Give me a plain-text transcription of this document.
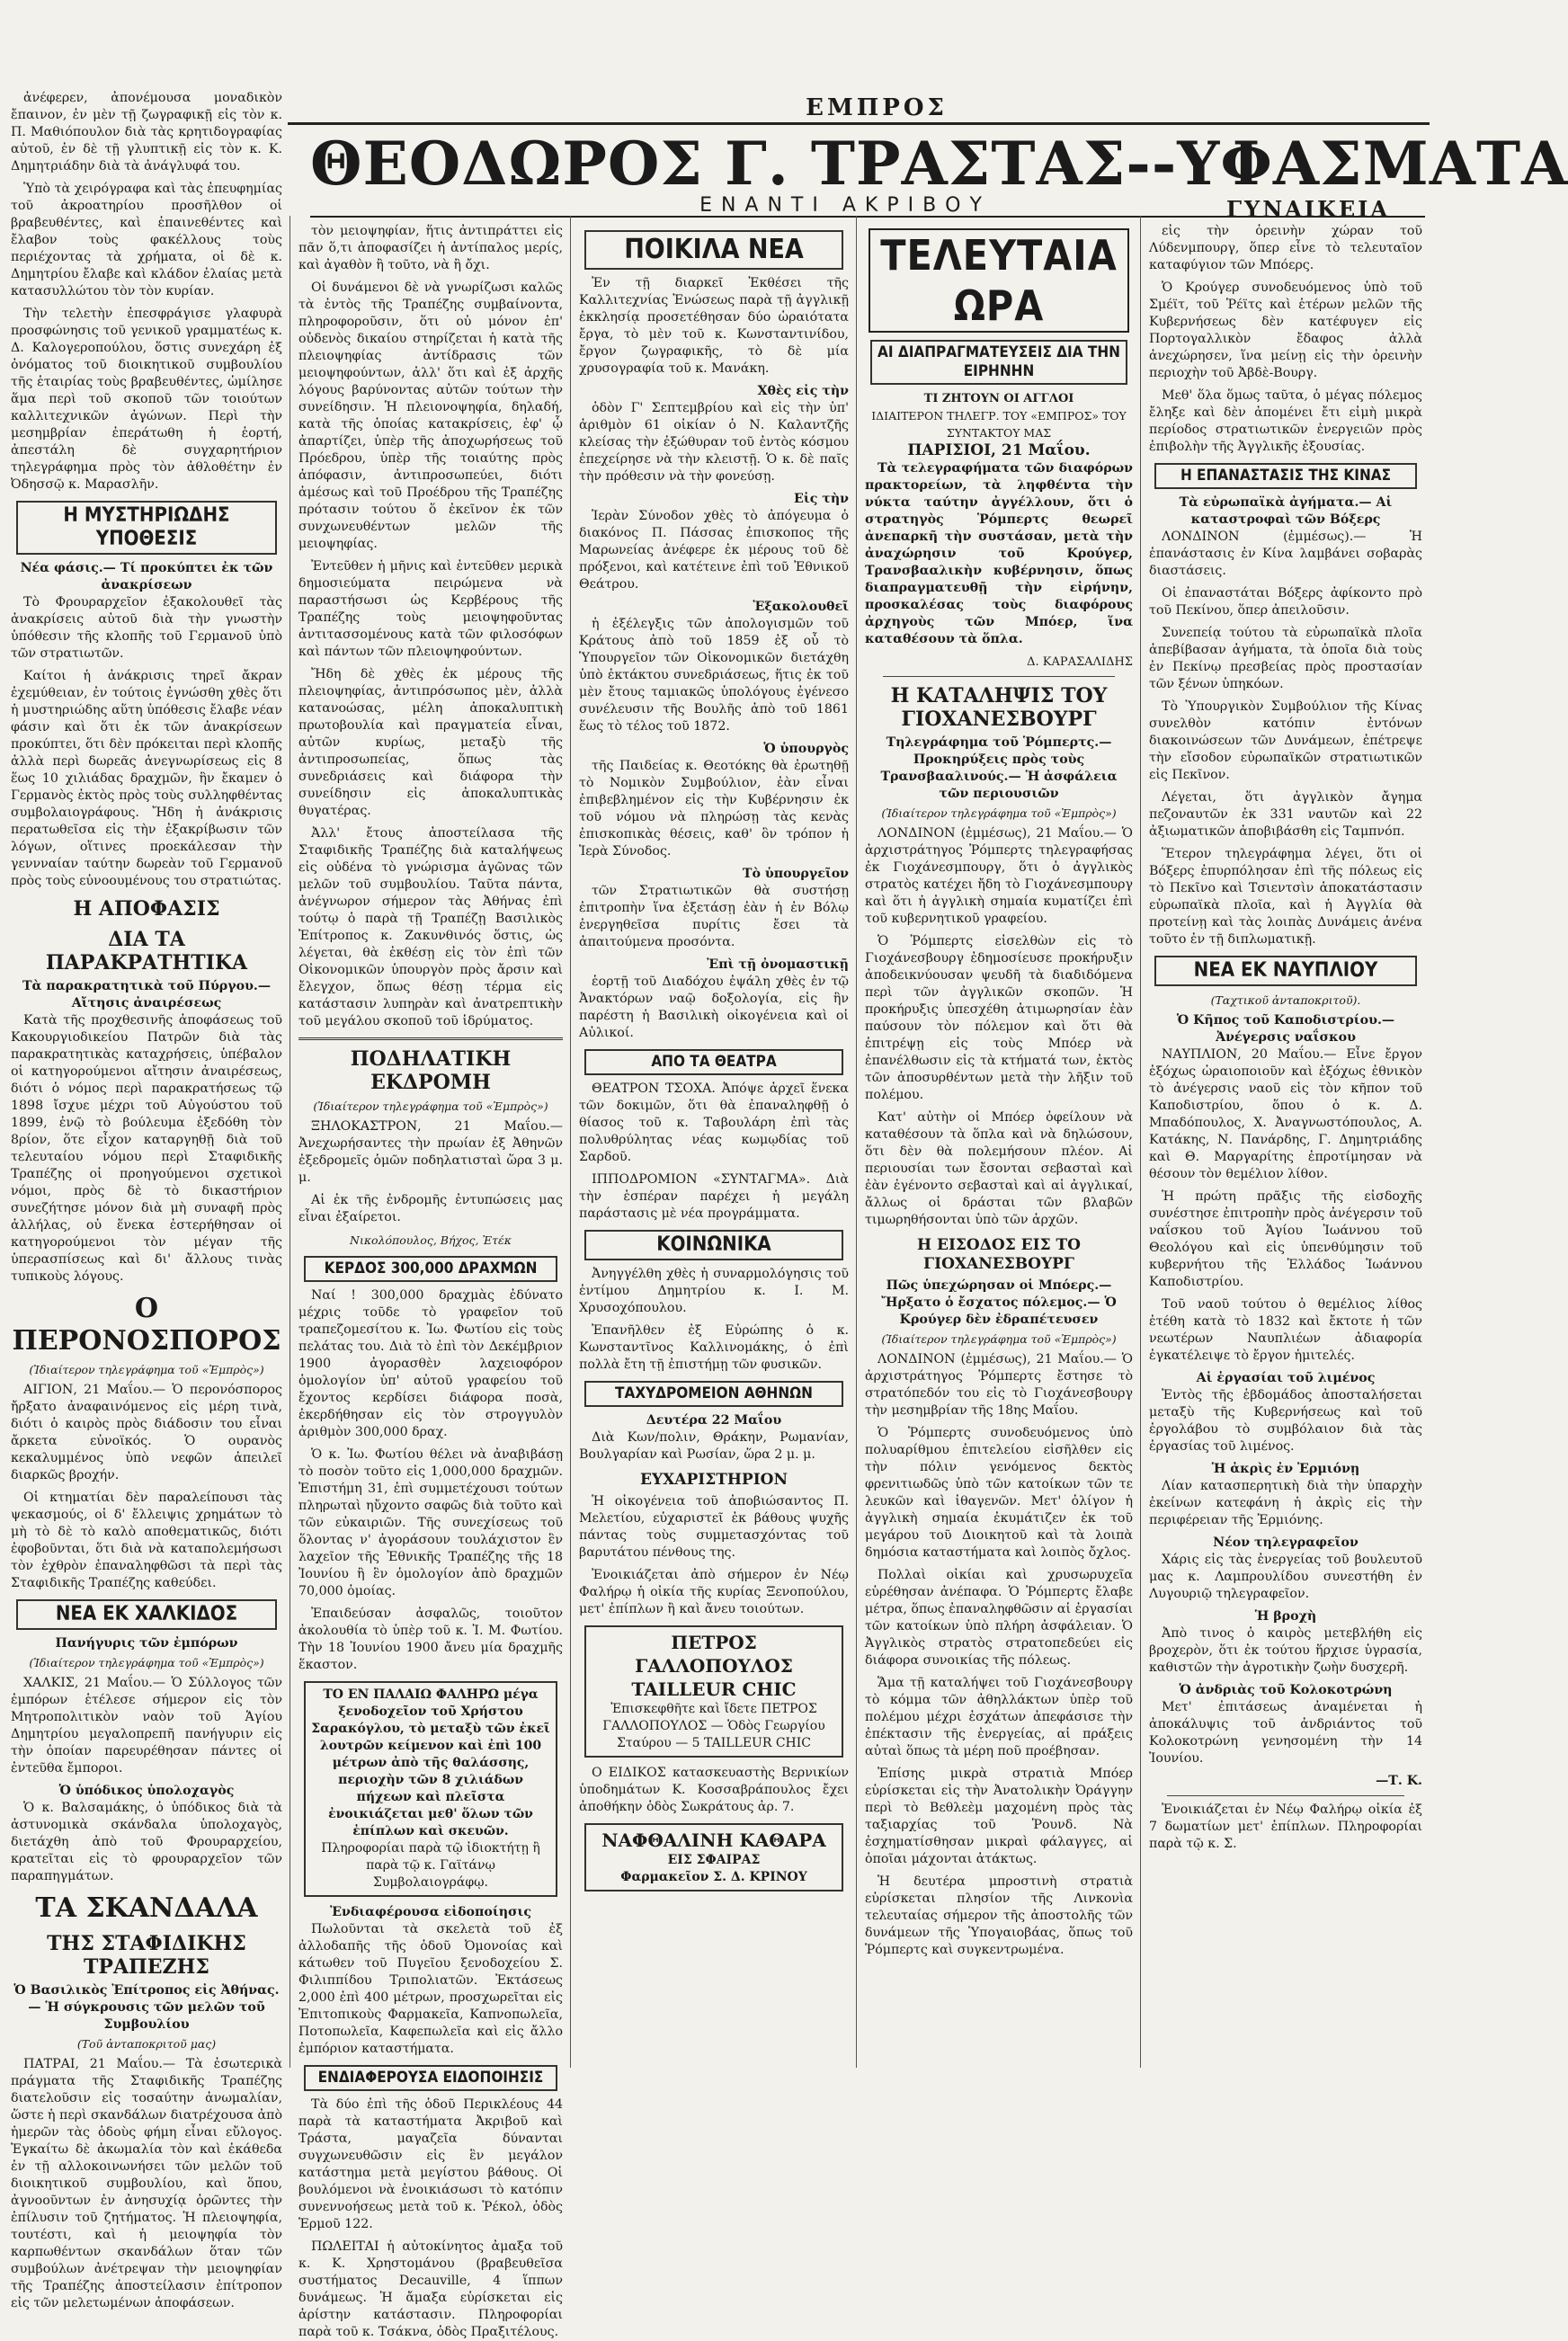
ΕΜΠΡΟΣ
ΘΕΟΔΩΡΟΣ Γ. ΤΡΑΣΤΑΣ--ΥΦΑΣΜΑΤΑ
ΕΝΑΝΤΙ ΑΚΡΙΒΟΥ	ΓΥΝΑΙΚΕΙΑ

ἀνέφερεν, ἀπονέμουσα μοναδικὸν ἔπαινον, ἐν μὲν τῇ ζωγραφικῇ εἰς τὸν κ. Π. Μαθιόπουλον διὰ τὰς κρητιδογραφίας αὐτοῦ, ἐν δὲ τῇ γλυπτικῇ εἰς τὸν κ. Κ. Δημητριάδην διὰ τὰ ἀνάγλυφά του.

Ὑπὸ τὰ χειρόγραφα καὶ τὰς ἐπευφημίας τοῦ ἀκροατηρίου προσῆλθον οἱ βραβευθέντες, καὶ ἐπαινεθέντες καὶ ἔλαβον τοὺς φακέλλους τοὺς περιέχοντας τὰ χρήματα, οἱ δὲ κ. Δημητρίου ἔλαβε καὶ κλάδον ἐλαίας μετὰ κατασυλλώτου τὸν τὸν κυρίαν.

Τὴν τελετὴν ἐπεσφράγισε γλαφυρὰ προσφώνησις τοῦ γενικοῦ γραμματέως κ. Δ. Καλογεροπούλου, ὅστις συνεχάρη ἐξ ὀνόματος τοῦ διοικητικοῦ συμβουλίου τῆς ἑταιρίας τοὺς βραβευθέντες, ὡμίλησε ἅμα περὶ τοῦ σκοποῦ τῶν τοιούτων καλλιτεχνικῶν ἀγώνων. Περὶ τὴν μεσημβρίαν ἐπεράτωθη ἡ ἑορτή, ἀπεστάλη δὲ συγχαρητήριον τηλεγράφημα πρὸς τὸν ἀθλοθέτην ἐν Ὀδησσῷ κ. Μαρασλῆν.

Η ΜΥΣΤΗΡΙΩΔΗΣ ΥΠΟΘΕΣΙΣ
Νέα φάσις.— Τί προκύπτει ἐκ τῶν ἀνακρίσεων

Τὸ Φρουραρχεῖον ἐξακολουθεῖ τὰς ἀνακρίσεις αὐτοῦ διὰ τὴν γνωστὴν ὑπόθεσιν τῆς κλοπῆς τοῦ Γερμανοῦ ὑπὸ τῶν στρατιωτῶν.

Καίτοι ἡ ἀνάκρισις τηρεῖ ἄκραν ἐχεμύθειαν, ἐν τούτοις ἐγνώσθη χθὲς ὅτι ἡ μυστηριώδης αὕτη ὑπόθεσις ἔλαβε νέαν φάσιν καὶ ὅτι ἐκ τῶν ἀνακρίσεων προκύπτει, ὅτι δὲν πρόκειται περὶ κλοπῆς ἀλλὰ περὶ δωρεᾶς ἀνεγνωρίσεως εἰς 8 ἕως 10 χιλιάδας δραχμῶν, ἣν ἔκαμεν ὁ Γερμανὸς ἐκτὸς πρὸς τοὺς συλληφθέντας συμβολαιογράφους. Ἤδη ἡ ἀνάκρισις περατωθεῖσα εἰς τὴν ἐξακρίβωσιν τῶν λόγων, οἵτινες προεκάλεσαν τὴν γεννναίαν ταύτην δωρεὰν τοῦ Γερμανοῦ πρὸς τοὺς εὐνοουμένους του στρατιώτας.

Η ΑΠΟΦΑΣΙΣ
ΔΙΑ ΤΑ ΠΑΡΑΚΡΑΤΗΤΙΚΑ
Τὰ παρακρατητικὰ τοῦ Πύργου.— Αἴτησις ἀναιρέσεως

Κατὰ τῆς προχθεσινῆς ἀποφάσεως τοῦ Κακουργιοδικείου Πατρῶν διὰ τὰς παρακρατητικὰς καταχρήσεις, ὑπέβαλον οἱ κατηγορούμενοι αἴτησιν ἀναιρέσεως, διότι ὁ νόμος περὶ παρακρατήσεως τῷ 1898 ἴσχυε μέχρι τοῦ Αὐγούστου τοῦ 1899, ἐνῷ τὸ βούλευμα ἐξεδόθη τὸν 8ρίον, ὅτε εἶχον καταργηθῇ διὰ τοῦ τελευταίου νόμου περὶ Σταφιδικῆς Τραπέζης οἱ προηγούμενοι σχετικοὶ νόμοι, πρὸς δὲ τὸ δικαστήριον συνεζήτησε μόνον διὰ μὴ συναφῆ πρὸς ἀλλήλας, οὐ ἕνεκα ἐστερήθησαν οἱ κατηγορούμενοι τὸν μέγαν τῆς ὑπερασπίσεως καὶ δι' ἄλλους τινὰς τυπικοὺς λόγους.

Ο ΠΕΡΟΝΟΣΠΟΡΟΣ
(Ἰδιαίτερον τηλεγράφημα τοῦ «Ἐμπρὸς»)

ΑΙΓΙΟΝ, 21 Μαΐου.— Ὁ περονόσπορος ἤρξατο ἀναφαινόμενος εἰς μέρη τινὰ, διότι ὁ καιρὸς πρὸς διάδοσιν του εἶναι ἄρκετα εὐνοϊκός. Ὁ ουρανὸς κεκαλυμμένος ὑπὸ νεφῶν ἀπειλεῖ διαρκῶς βροχήν.

Οἱ κτηματίαι δὲν παραλείπουσι τὰς ψεκασμούς, οἱ δ' ἔλλειψις χρημάτων τὸ μὴ τὸ δὲ τὸ καλὸ αποθεματικῶς, διότι ἐφοβοῦνται, ὅτι διὰ νὰ καταπολεμήσωσι τὸν ἐχθρὸν ἐπαναληφθῶσι τὰ περὶ τὰς Σταφιδικῆς Τραπέζης καθεύδει.

ΝΕΑ ΕΚ ΧΑΛΚΙΔΟΣ
Πανήγυρις τῶν ἐμπόρων
(Ἰδιαίτερον τηλεγράφημα τοῦ «Ἐμπρὸς»)

ΧΑΛΚΙΣ, 21 Μαΐου.— Ὁ Σύλλογος τῶν ἐμπόρων ἑτέλεσε σήμερον εἰς τὸν Μητροπολιτικὸν ναὸν τοῦ Ἁγίου Δημητρίου μεγαλοπρεπῆ πανήγυριν εἰς τὴν ὁποίαν παρευρέθησαν πάντες οἱ ἐντεῦθα ἔμποροι.

Ὁ ὑπόδικος ὑπολοχαγὸς

Ὁ κ. Βαλσαμάκης, ὁ ὑπόδικος διὰ τὰ ἀστυνομικὰ σκάνδαλα ὑπολοχαγὸς, διετάχθη ἀπὸ τοῦ Φρουραρχείου, κρατεῖται εἰς τὸ φρουραρχεῖον τῶν παραπηγμάτων.

ΤΑ ΣΚΑΝΔΑΛΑ
ΤΗΣ ΣΤΑΦΙΔΙΚΗΣ ΤΡΑΠΕΖΗΣ
Ὁ Βασιλικὸς Ἐπίτροπος εἰς Ἀθήνας.— Ἡ σύγκρουσις τῶν μελῶν τοῦ Συμβουλίου
(Τοῦ ἀνταποκριτοῦ μας)

ΠΑΤΡΑΙ, 21 Μαΐου.— Τὰ ἐσωτερικὰ πράγματα τῆς Σταφιδικῆς Τραπέζης διατελοῦσιν εἰς τοσαύτην ἀνωμαλίαν, ὥστε ἡ περὶ σκανδάλων διατρέχουσα ἀπὸ ἡμερῶν τὰς ὁδοὺς φήμη εἶναι εὔλογος. Ἐγκαίτω δὲ ἀκωμαλία τὸν καὶ ἐκάθεδα ἐν τῇ αλλοκοινωνήσει τῶν μελῶν τοῦ διοικητικοῦ συμβουλίου, καὶ ὅπου, ἀγνοοῦντων ἐν ἀνησυχίᾳ ὁρῶντες τὴν ἐπίλυσιν τοῦ ζητήματος. Ἡ πλειοψηφία, τουτέστι, καὶ ἡ μειοψηφία τὸν καρπωθέντων σκανδάλων ὅταν τῶν συμβούλων ἀνέτρεψαν τὴν μειοψηφίαν τῆς Τραπέζης ἀποστείλασιν ἐπίτροπον εἰς τῶν μελετωμένων ἀποφάσεων.

τὸν μειοψηφίαν, ἥτις ἀντιπράττει εἰς πᾶν ὅ,τι ἀποφασίζει ἡ ἀντίπαλος μερίς, καὶ ἀγαθὸν ἢ τοῦτο, νὰ ἢ ὄχι.

Οἱ δυνάμενοι δὲ νὰ γνωρίζωσι καλῶς τὰ ἐντὸς τῆς Τραπέζης συμβαίνοντα, πληροφοροῦσιν, ὅτι οὐ μόνον ἐπ' οὐδενὸς δικαίου στηρίζεται ἡ κατὰ τῆς πλειοψηφίας ἀντίδρασις τῶν μειοψηφούντων, ἀλλ' ὅτι καὶ ἐξ ἀρχῆς λόγους βαρύνοντας αὐτῶν τούτων τὴν συνείδησιν. Ἡ πλειονοψηφία, δηλαδή, κατὰ τῆς ὁποίας κατακρίσεις, ἐφ' ᾧ ἀπαρτίζει, ὑπὲρ τῆς ἀποχωρήσεως τοῦ Πρόεδρου, ὑπὲρ τῆς τοιαύτης πρὸς ἀπόφασιν, ἀντιπροσωπεύει, διότι ἀμέσως καὶ τοῦ Προέδρου τῆς Τραπέζης πρότασιν τούτου ὅ ἐκεῖνον ἐκ τῶν συνχωνευθέντων μελῶν τῆς μειοψηφίας.

Ἐντεῦθεν ἡ μῆνις καὶ ἐντεῦθεν μερικὰ δημοσιεύματα πειρώμενα νὰ παραστήσωσι ὡς Κερβέρους τῆς Τραπέζης τοὺς μειοψηφοῦντας ἀντιτασσομένους κατὰ τῶν φιλοσόφων καὶ πάντων τῶν πλειοψηφούντων.

Ἤδη δὲ χθὲς ἐκ μέρους τῆς πλειοψηφίας, ἀντιπρόσωπος μὲν, ἀλλὰ κατανοώσας, μέλη ἀποκαλυπτικὴ πρωτοβουλία καὶ πραγματεία εἶναι, αὐτῶν κυρίως, μεταξὺ τῆς ἀντιπροσωπείας, ὅπως τὰς συνεδριάσεις καὶ διάφορα τὴν συνείδησιν εἰς ἀποκαλυπτικὰς θυγατέρας.

Ἀλλ' ἔτους ἀποστείλασα τῆς Σταφιδικῆς Τραπέζης διὰ καταλήψεως εἰς οὐδένα τὸ γνώρισμα ἀγῶνας τῶν μελῶν τοῦ συμβουλίου. Ταῦτα πάντα, ἀνέγνωρον σήμερον τὰς Ἀθήνας ἐπὶ τούτῳ ὁ παρὰ τῇ Τραπέζῃ Βασιλικὸς Ἐπίτροπος κ. Ζακυνθινός ὅστις, ὡς λέγεται, θὰ ἐκθέσῃ εἰς τὸν ἐπὶ τῶν Οἰκονομικῶν ὑπουργὸν πρὸς ἄρσιν καὶ ἔλεγχον, ὅπως θέσῃ τέρμα εἰς κατάστασιν λυπηρὰν καὶ ἀνατρεπτικὴν τοῦ μεγάλου σκοποῦ τοῦ ἱδρύματος.

ΠΟΔΗΛΑΤΙΚΗ ΕΚΔΡΟΜΗ
(Ἰδιαίτερον τηλεγράφημα τοῦ «Ἐμπρὸς»)

ΞΗΛΟΚΑΣΤΡΟΝ, 21 Μαΐου.— Ἀνεχωρήσαντες τὴν πρωίαν ἐξ Ἀθηνῶν ἐξεδρομεῖς ὁμῶν ποδηλατισταὶ ὥρα 3 μ. μ.

Αἱ ἐκ τῆς ἐνδρομῆς ἐντυπώσεις μας εἶναι ἐξαίρετοι.

Νικολόπουλος, Βήχος, Ἐτέκ
ΚΕΡΔΟΣ 300,000 ΔΡΑΧΜΩΝ

Ναί ! 300,000 δραχμὰς ἐδύνατο μέχρις τοῦδε τὸ γραφεῖον τοῦ τραπεζομεσίτου κ. Ἰω. Φωτίου εἰς τοὺς πελάτας του. Διὰ τὸ ἐπὶ τὸν Δεκέμβριον 1900 ἀγορασθὲν λαχειοφόρον ὁμολογίον ὑπ' αὐτοῦ γραφείου τοῦ ἔχοντος κερδίσει διάφορα ποσὰ, ἐκερδήθησαν εἰς τὸν στρογγυλὸν ἀριθμὸν 300,000 δραχ.

Ὁ κ. Ἰω. Φωτίου θέλει νὰ ἀναβιβάσῃ τὸ ποσὸν τοῦτο εἰς 1,000,000 δραχμῶν. Ἐπιστήμη 31, ἐπὶ συμμετέχουσι τούτων πληρωταὶ ηὔχοντο σαφῶς διὰ τοῦτο καὶ τῶν εὐκαιριῶν. Τῆς συνεχίσεως τοῦ ὅλοντας ν' ἀγοράσουν τουλάχιστον ἓν λαχεῖον τῆς Ἐθνικῆς Τραπέζης τῆς 18 Ἰουνίου ἢ ἓν ὁμολογίον ἀπὸ δραχμῶν 70,000 ὁμοίας.

Ἐπαιδεύσαν ἀσφαλῶς, τοιοῦτον ἀκολουθία τὸ ὑπὲρ τοῦ κ. Ἰ. Μ. Φωτίου. Τὴν 18 Ἰουνίου 1900 ἄνευ μία δραχμῆς ἕκαστον.

ΤΟ ΕΝ ΠΑΛΑΙΩ ΦΑΛΗΡΩ μέγα ξενοδοχεῖον τοῦ Χρήστου Σαρακόγλου, τὸ μεταξὺ τῶν ἐκεῖ λουτρῶν κείμενον καὶ ἐπὶ 100 μέτρων ἀπὸ τῆς θαλάσσης, περιοχὴν τῶν 8 χιλιάδων πήχεων καὶ πλεῖστα ἐνοικιάζεται μεθ' ὅλων τῶν ἐπίπλων καὶ σκευῶν.
Πληροφορίαι παρὰ τῷ ἰδιοκτήτῃ ἢ παρὰ τῷ κ. Γαϊτάνῳ Συμβολαιογράφῳ.
Ἐνδιαφέρουσα εἰδοποίησις

Πωλοῦνται τὰ σκελετὰ τοῦ ἐξ ἀλλοδαπῆς τῆς ὁδοῦ Ὀμονοίας καὶ κάτωθεν τοῦ Πυγεῖου ξενοδοχείου Σ. Φιλιππίδου Τριπολιατῶν. Ἐκτάσεως 2,000 ἐπὶ 400 μέτρων, προσχωρεῖται εἰς Ἐπιτοπικοὺς Φαρμακεῖα, Καπνοπωλεῖα, Ποτοπωλεῖα, Καφεπωλεῖα καὶ εἰς ἄλλο ἐμπόριον καταστήματα.

ΕΝΔΙΑΦΕΡΟΥΣΑ ΕΙΔΟΠΟΙΗΣΙΣ

Τὰ δύο ἐπὶ τῆς ὁδοῦ Περικλέους 44 παρὰ τὰ καταστήματα Ἀκριβοῦ καὶ Τράστα, μαγαζεῖα δύνανται συγχωνευθῶσιν εἰς ἓν μεγάλον κατάστημα μετὰ μεγίστου βάθους. Οἱ βουλόμενοι νὰ ἐνοικιάσωσι τὸ κατόπιν συνεννοήσεως μετὰ τοῦ κ. Ῥέκολ, ὁδὸς Ἑρμοῦ 122.

ΠΩΛΕΙΤΑΙ ἡ αὐτοκίνητος ἀμαξα τοῦ κ. Κ. Χρηστομάνου (βραβευθεῖσα συστήματος Decauville, 4 ἵππων δυνάμεως. Ἡ ἄμαξα εὑρίσκεται εἰς ἀρίστην κατάστασιν. Πληροφορίαι παρὰ τοῦ κ. Τσάκνα, ὁδὸς Πραξιτέλους.

ΠΟΙΚΙΛΑ ΝΕΑ

Ἐν τῇ διαρκεῖ Ἐκθέσει τῆς Καλλιτεχνίας Ἐνώσεως παρὰ τῇ ἀγγλικῇ ἐκκλησίᾳ προσετέθησαν δύο ὡραιότατα ἔργα, τὸ μὲν τοῦ κ. Κωνσταντινίδου, ἔργον ζωγραφικῆς, τὸ δὲ μία χρυσογραφία τοῦ κ. Μανάκη.

Χθὲς εἰς τὴν

ὁδὸν Γ' Σεπτεμβρίου καὶ εἰς τὴν ὑπ' ἀριθμὸν 61 οἰκίαν ὁ Ν. Καλαντζῆς κλείσας τὴν ἐξώθυραν τοῦ ἐντὸς κόσμου ἐπεχείρησε νὰ τὴν κλειστῇ. Ὁ κ. δὲ παῖς τὴν πρόθεσιν νὰ τὴν φονεύσῃ.

Εἰς τὴν

Ἱερὰν Σύνοδον χθὲς τὸ ἀπόγευμα ὁ διακόνος Π. Πάσσας ἐπισκοπος τῆς Μαρωνείας ἀνέφερε ἐκ μέρους τοῦ δὲ πρόξενοι, καὶ κατέτεινε ἐπὶ τοῦ Ἐθνικοῦ Θεάτρου.

Ἐξακολουθεῖ

ἡ ἐξέλεγξις τῶν ἀπολογισμῶν τοῦ Κράτους ἀπὸ τοῦ 1859 ἐξ οὗ τὸ Ὑπουργεῖον τῶν Οἰκονομικῶν διετάχθη ὑπὸ ἐκτάκτου συνεδριάσεως, ἥτις ἐκ τοῦ μὲν ἔτους ταμιακῶς ὑπολόγους ἐγένεσο συνέλευσιν τῆς Βουλῆς ἀπὸ τοῦ 1861 ἕως τὸ τέλος τοῦ 1872.

Ὁ ὑπουργὸς

τῆς Παιδείας κ. Θεοτόκης θὰ ἐρωτηθῇ τὸ Νομικὸν Συμβούλιον, ἐὰν εἶναι ἐπιβεβλημένον εἰς τὴν Κυβέρνησιν ἐκ τοῦ νόμου νὰ πληρώσῃ τὰς κενὰς ἐπισκοπικὰς θέσεις, καθ' ὃν τρόπον ἡ Ἱερὰ Σύνοδος.

Τὸ ὑπουργεῖον

τῶν Στρατιωτικῶν θὰ συστήσῃ ἐπιτροπὴν ἵνα ἐξετάσῃ ἐὰν ἡ ἐν Βόλῳ ἐνεργηθεῖσα πυρίτις ἔσει τὰ ἀπαιτούμενα προσόντα.

Ἐπὶ τῇ ὀνομαστικῇ

ἑορτῇ τοῦ Διαδόχου ἐψάλη χθὲς ἐν τῷ Ἀνακτόρων ναῷ δοξολογία, εἰς ἣν παρέστη ἡ Βασιλικὴ οἰκογένεια καὶ οἱ Αὐλικοί.

ΑΠΟ ΤΑ ΘΕΑΤΡΑ

ΘΕΑΤΡΟΝ ΤΣΟΧΑ. Ἀπόψε ἀρχεῖ ἕνεκα τῶν δοκιμῶν, ὅτι θὰ ἐπαναληφθῇ ὁ θίασος τοῦ κ. Ταβουλάρη ἐπὶ τὰς πολυθρύλητας νέας κωμῳδίας τοῦ Σαρδοῦ.

ΙΠΠΟΔΡΟΜΙΟΝ «ΣΥΝΤΑΓΜΑ». Διὰ τὴν ἑσπέραν παρέχει ἡ μεγάλη παράστασις μὲ νέα προγράμματα.

ΚΟΙΝΩΝΙΚΑ

Ἀνηγγέλθη χθὲς ἡ συναρμολόγησις τοῦ ἐντίμου Δημητρίου κ. Ι. Μ. Χρυσοχόπουλου.

Ἐπανῆλθεν ἐξ Εὐρώπης ὁ κ. Κωνσταντῖνος Καλλινομάκης, ὁ ἐπὶ πολλὰ ἔτη τῇ ἐπιστήμῃ τῶν φυσικῶν.

ΤΑΧΥΔΡΟΜΕΙΟΝ ΑΘΗΝΩΝ
Δευτέρα 22 Μαΐου

Διὰ Κων/πολιν, Θράκην, Ρωμανίαν, Βουλγαρίαν καὶ Ρωσίαν, ὥρα 2 μ. μ.

ΕΥΧΑΡΙΣΤΗΡΙΟΝ

Ἡ οἰκογένεια τοῦ ἀποβιώσαντος Π. Μελετίου, εὐχαριστεῖ ἐκ βάθους ψυχῆς πάντας τοὺς συμμετασχόντας τοῦ βαρυτάτου πένθους της.

Ἐνοικιάζεται ἀπὸ σήμερον ἐν Νέῳ Φαλήρῳ ἡ οἰκία τῆς κυρίας Ξενοπούλου, μετ' ἐπίπλων ἢ καὶ ἄνευ τοιούτων.

ΠΕΤΡΟΣ ΓΑΛΛΟΠΟΥΛΟΣ
TAILLEUR CHIC
Ἐπισκεφθῆτε καὶ ἴδετε ΠΕΤΡΟΣ ΓΑΛΛΟΠΟΥΛΟΣ — Ὁδὸς Γεωργίου Σταύρου — 5 TAILLEUR CHIC

Ο ΕΙΔΙΚΟΣ κατασκευαστὴς Βερνικίων ὑποδημάτων Κ. Κοσσαβράπουλος ἔχει ἀποθήκην ὁδὸς Σωκράτους ἀρ. 7.

ΝΑΦΘΑΛΙΝΗ ΚΑΘΑΡΑ
ΕΙΣ ΣΦΑΙΡΑΣ
Φαρμακεῖον Σ. Δ. ΚΡΙΝΟΥ
ΤΕΛΕΥΤΑΙΑ ΩΡΑ
ΑΙ ΔΙΑΠΡΑΓΜΑΤΕΥΣΕΙΣ ΔΙΑ ΤΗΝ ΕΙΡΗΝΗΝ
ΤΙ ΖΗΤΟΥΝ ΟΙ ΑΓΓΛΟΙ
ΙΔΙΑΙΤΕΡΟΝ ΤΗΛΕΓΡ. ΤΟΥ «ΕΜΠΡΟΣ» ΤΟΥ ΣΥΝΤΑΚΤΟΥ ΜΑΣ
ΠΑΡΙΣΙΟΙ, 21 Μαΐου.

Τὰ τελεγραφήματα τῶν διαφόρων πρακτορείων, τὰ ληφθέντα τὴν νύκτα ταύτην ἀγγέλλουν, ὅτι ὁ στρατηγὸς Ῥόμπερτς θεωρεῖ ἀνεπαρκῆ τὴν συστάσαν, μετὰ τὴν ἀναχώρησιν τοῦ Κρούγερ, Τρανσβααλικὴν κυβέρνησιν, ὅπως διαπραγματευθῇ τὴν εἰρήνην, προσκαλέσας τοὺς διαφόρους ἀρχηγοὺς τῶν Μπόερ, ἵνα καταθέσουν τὰ ὅπλα.

Δ. ΚΑΡΑΣΑΛΙΔΗΣ
Η ΚΑΤΑΛΗΨΙΣ ΤΟΥ ΓΙΟΧΑΝΕΣΒΟΥΡΓ
Τηλεγράφημα τοῦ Ῥόμπερτς.— Προκηρύξεις πρὸς τοὺς Τρανσβααλινούς.— Ἡ ἀσφάλεια τῶν περιουσιῶν
(Ἰδιαίτερον τηλεγράφημα τοῦ «Ἐμπρὸς»)

ΛΟΝΔΙΝΟΝ (ἐμμέσως), 21 Μαΐου.— Ὁ ἀρχιστράτηγος Ῥόμπερτς τηλεγραφήσας ἐκ Γιοχάνεσμπουργ, ὅτι ὁ ἀγγλικὸς στρατὸς κατέχει ἤδη τὸ Γιοχάνεσμπουργ καὶ ὅτι ἡ ἀγγλικὴ σημαία κυματίζει ἐπὶ τοῦ κυβερνητικοῦ γραφείου.

Ὁ Ῥόμπερτς εἰσελθὼν εἰς τὸ Γιοχάνεσβουργ ἐδημοσίευσε προκήρυξιν ἀποδεικνύουσαν ψευδῆ τὰ διαδιδόμενα περὶ τῶν ἀγγλικῶν σκοπῶν. Ἡ προκήρυξις ὑπεσχέθη ἀτιμωρησίαν ἐὰν παύσουν τὸν πόλεμον καὶ ὅτι θὰ ἐπιτρέψῃ εἰς τοὺς Μπόερ νὰ ἐπανέλθωσιν εἰς τὰ κτήματά των, ἐκτὸς τῶν ἀποσυρθέντων μετὰ τὴν λῆξιν τοῦ πολέμου.

Κατ' αὐτὴν οἱ Μπόερ ὀφείλουν νὰ καταθέσουν τὰ ὅπλα καὶ νὰ δηλώσουν, ὅτι δὲν θὰ πολεμήσουν πλέον. Αἱ περιουσίαι των ἔσονται σεβασταὶ καὶ ἐὰν ἐγένοντο σεβασταὶ καὶ αἱ ἀγγλικαί, ἄλλως οἱ δράσται τῶν βλαβῶν τιμωρηθήσονται ὑπὸ τῶν ἀρχῶν.

Η ΕΙΣΟΔΟΣ ΕΙΣ ΤΟ ΓΙΟΧΑΝΕΣΒΟΥΡΓ
Πῶς ὑπεχώρησαν οἱ Μπόερς.— Ἤρξατο ὁ ἔσχατος πόλεμος.— Ὁ Κρούγερ δὲν ἐδραπέτευσεν
(Ἰδιαίτερον τηλεγράφημα τοῦ «Ἐμπρὸς»)

ΛΟΝΔΙΝΟΝ (ἐμμέσως), 21 Μαΐου.— Ὁ ἀρχιστράτηγος Ῥόμπερτς ἔστησε τὸ στρατόπεδόν του εἰς τὸ Γιοχάνεσβουργ τὴν μεσημβρίαν τῆς 18ης Μαΐου.

Ὁ Ῥόμπερτς συνοδευόμενος ὑπὸ πολυαρίθμου ἐπιτελείου εἰσῆλθεν εἰς τὴν πόλιν γενόμενος δεκτὸς φρενιτιωδῶς ὑπὸ τῶν κατοίκων τῶν τε λευκῶν καὶ ἰθαγενῶν. Μετ' ὀλίγον ἡ ἀγγλικὴ σημαία ἐκυμάτιζεν ἐκ τοῦ μεγάρου τοῦ Διοικητοῦ καὶ τὰ λοιπὰ δημόσια καταστήματα καὶ λοιπὸς ὄχλος.

Πολλαὶ οἰκίαι καὶ χρυσωρυχεῖα εὑρέθησαν ἀνέπαφα. Ὁ Ῥόμπερτς ἔλαβε μέτρα, ὅπως ἐπαναληφθῶσιν αἱ ἐργασίαι τῶν κατοίκων ὑπὸ πλήρη ἀσφάλειαν. Ὁ Ἀγγλικὸς στρατὸς στρατοπεδεύει εἰς διάφορα συνοικίας τῆς πόλεως.

Ἅμα τῇ καταλήψει τοῦ Γιοχάνεσβουργ τὸ κόμμα τῶν ἀθηλλάκτων ὑπὲρ τοῦ πολέμου μέχρι ἐσχάτων ἀπεφάσισε τὴν ἐπέκτασιν τῆς ἐνεργείας, αἱ πράξεις αὐταὶ ὅπως τὰ μέρη ποῦ προέβησαν.

Ἐπίσης μικρὰ στρατιὰ Μπόερ εὑρίσκεται εἰς τὴν Ἀνατολικὴν Ὀράγγην περὶ τὸ Βεθλεὲμ μαχομένη πρὸς τὰς ταξιαρχίας τοῦ Ῥουνδ. Νὰ ἐσχηματίσθησαν μικραὶ φάλαγγες, αἱ ὁποῖαι μάχονται ἀτάκτως.

Ἡ δευτέρα μπροστινὴ στρατιὰ εὑρίσκεται πλησίον τῆς Λινκονὶα τελευταίας σήμερον τῆς ἀποστολῆς τῶν δυνάμεων τῆς Ὑπογαιοβάας, ὅπως τοῦ Ῥόμπερτς καὶ συγκεντρωμένα.

εἰς τὴν ὀρεινὴν χώραν τοῦ Λύδενμπουργ, ὅπερ εἶνε τὸ τελευταῖον καταφύγιον τῶν Μπόερς.

Ὁ Κρούγερ συνοδευόμενος ὑπὸ τοῦ Σμέϊτ, τοῦ Ῥέϊτς καὶ ἑτέρων μελῶν τῆς Κυβερνήσεως δὲν κατέφυγεν εἰς Πορτογαλλικὸν ἔδαφος ἀλλὰ ἀνεχώρησεν, ἵνα μείνῃ εἰς τὴν ὀρεινὴν περιοχὴν τοῦ Ἀβδὲ-Βουργ.

Μεθ' ὅλα ὅμως ταῦτα, ὁ μέγας πόλεμος ἔληξε καὶ δὲν ἀπομένει ἔτι εἰμὴ μικρὰ περίοδος στρατιωτικῶν ἐνεργειῶν πρὸς ἐπιβολὴν τῆς Ἀγγλικῆς ἐξουσίας.

Η ΕΠΑΝΑΣΤΑΣΙΣ ΤΗΣ ΚΙΝΑΣ
Τὰ εὐρωπαϊκὰ ἀγήματα.— Αἱ καταστροφαὶ τῶν Βόξερς

ΛΟΝΔΙΝΟΝ (ἐμμέσως).— Ἡ ἐπανάστασις ἐν Κίνα λαμβάνει σοβαρὰς διαστάσεις.

Οἱ ἐπαναστάται Βόξερς ἀφίκοντο πρὸ τοῦ Πεκίνου, ὅπερ ἀπειλοῦσιν.

Συνεπείᾳ τούτου τὰ εὐρωπαϊκὰ πλοῖα ἀπεβίβασαν ἀγήματα, τὰ ὁποῖα διὰ τοὺς ἐν Πεκίνῳ πρεσβείας πρὸς προστασίαν τῶν ξένων ὑπηκόων.

Τὸ Ὑπουργικὸν Συμβούλιον τῆς Κίνας συνελθὸν κατόπιν ἐντόνων διακοινώσεων τῶν Δυνάμεων, ἐπέτρεψε τὴν εἴσοδον εὐρωπαϊκῶν στρατιωτικῶν εἰς Πεκῖνον.

Λέγεται, ὅτι ἀγγλικὸν ἄγημα πεζοναυτῶν ἐκ 331 ναυτῶν καὶ 22 ἀξιωματικῶν ἀποβιβάσθη εἰς Ταμπνόπ.

Ἕτερον τηλεγράφημα λέγει, ὅτι οἱ Βόξερς ἐπυρπόλησαν ἐπὶ τῆς πόλεως εἰς τὸ Πεκῖνο καὶ Τσιεντσὶν ἀποκατάστασιν εὐρωπαϊκὰ πλοῖα, καὶ ἡ Ἀγγλία θὰ προτείνῃ καὶ τὰς λοιπὰς Δυνάμεις ἀνένα τοῦτο ἐν τῇ διπλωματικῇ.

ΝΕΑ ΕΚ ΝΑΥΠΛΙΟΥ
(Ταχτικοῦ ἀνταποκριτοῦ).
Ὁ Κῆπος τοῦ Καποδιστρίου.— Ἀνέγερσις ναΐσκου

ΝΑΥΠΛΙΟΝ, 20 Μαΐου.— Εἶνε ἔργον ἐξόχως ὠραιοποιοῦν καὶ ἐξόχως ἐθνικὸν τὸ ἀνέγερσις ναοῦ εἰς τὸν κῆπον τοῦ Καποδιστρίου, ὅπου ὁ κ. Δ. Μπαδόπουλος, Χ. Ἀναγνωστόπουλος, Α. Κατάκης, Ν. Πανάρδης, Γ. Δημητριάδης καὶ Θ. Μαργαρίτης ἐπροτίμησαν νὰ θέσουν τὸν θεμέλιον λίθον.

Ἡ πρώτη πρᾶξις τῆς εἰσδοχῆς συνέστησε ἐπιτροπὴν πρὸς ἀνέγερσιν τοῦ ναΐσκου τοῦ Ἁγίου Ἰωάννου τοῦ Θεολόγου καὶ εἰς ὑπενθύμησιν τοῦ κυβερνήτου τῆς Ἑλλάδος Ἰωάννου Καποδιστρίου.

Τοῦ ναοῦ τούτου ὁ θεμέλιος λίθος ἐτέθη κατὰ τὸ 1832 καὶ ἔκτοτε ἡ τῶν νεωτέρων Ναυπλιέων ἀδιαφορία ἐγκατέλειψε τὸ ἔργον ἡμιτελές.

Αἱ ἐργασίαι τοῦ λιμένος

Ἐντὸς τῆς ἑβδομάδος ἀποσταλήσεται μεταξὺ τῆς Κυβερνήσεως καὶ τοῦ ἐργολάβου τὸ συμβόλαιον διὰ τὰς ἐργασίας τοῦ λιμένος.

Ἡ ἀκρὶς ἐν Ἑρμιόνῃ

Λίαν κατασπερητικὴ διὰ τὴν ὑπαρχὴν ἐκείνων κατεφάνη ἡ ἀκρὶς εἰς τὴν περιφέρειαν τῆς Ἑρμιόνης.

Νέον τηλεγραφεῖον

Χάρις εἰς τὰς ἐνεργείας τοῦ βουλευτοῦ μας κ. Λαμπρουλίδου συνεστήθη ἐν Λυγουριῷ τηλεγραφεῖον.

Ἡ βροχὴ

Ἀπὸ τινος ὁ καιρὸς μετεβλήθη εἰς βροχερὸν, ὅτι ἐκ τούτου ἥρχισε ὑγρασία, καθιστῶν τὴν ἀγροτικὴν ζωὴν δυσχερῆ.

Ὁ ἀνδριὰς τοῦ Κολοκοτρώνη

Μετ' ἐπιτάσεως ἀναμένεται ἡ ἀποκάλυψις τοῦ ἀνδριάντος τοῦ Κολοκοτρώνη γενησομένη τὴν 14 Ἰουνίου.

—Τ. Κ.

Ἐνοικιάζεται ἐν Νέῳ Φαλήρῳ οἰκία ἐξ 7 δωματίων μετ' ἐπίπλων. Πληροφορίαι παρὰ τῷ κ. Σ.
